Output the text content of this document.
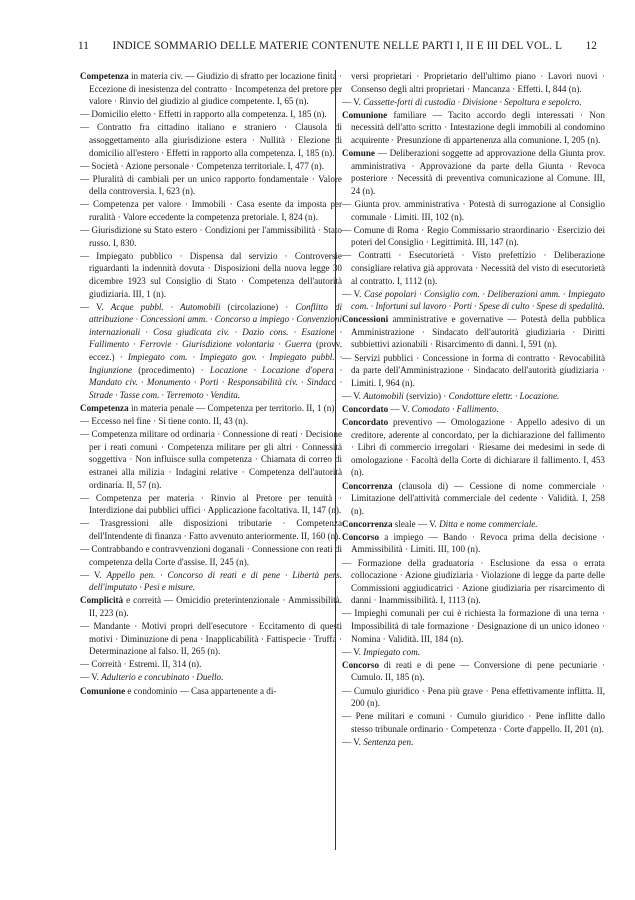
11	INDICE SOMMARIO DELLE MATERIE CONTENUTE NELLE PARTI I, II E III DEL VOL. L	12

Competenza in materia civ. — Giudizio di sfratto per locazione finita · Eccezione di inesistenza del contratto · Incompetenza del pretore per valore · Rinvio del giudizio al giudice competente. I, 65 (n).

— Domicilio eletto · Effetti in rapporto alla competenza. I, 185 (n).

— Contratto fra cittadino italiano e straniero · Clausola di assoggettamento alla giurisdizione estera · Nullità · Elezione di domicilio all'estero · Effetti in rapporto alla competenza. I, 185 (n).

— Società · Azione personale · Competenza territoriale. I, 477 (n).

— Pluralità di cambiali per un unico rapporto fondamentale · Valore della controversia. I, 623 (n).

— Competenza per valore · Immobili · Casa esente da imposta per ruralità · Valore eccedente la competenza pretoriale. I, 824 (n).

— Giurisdizione su Stato estero · Condizioni per l'ammissibilità · Stato russo. I, 830.

— Impiegato pubblico · Dispensa dal servizio · Controversie riguardanti la indennità dovuta · Disposizioni della nuova legge 30 dicembre 1923 sul Consiglio di Stato · Competenza dell'autorità giudiziaria. III, 1 (n).

— V. Acque pubbl. · Automobili (circolazione) · Conflitto di attribuzione · Concessioni amm. · Concorso a impiego · Convenzioni internazionali · Cosa giudicata civ. · Dazio cons. · Esazione · Fallimento · Ferrovie · Giurisdizione volontaria · Guerra (provv. eccez.) · Impiegato com. · Impiegato gov. · Impiegato pubbl. · Ingiunzione (procedimento) · Locazione · Locazione d'opera · Mandato civ. · Monumento · Porti · Responsabilità civ. · Sindaco · Strade · Tasse com. · Terremoto · Vendita.

Competenza in materia penale — Competenza per territorio. II, 1 (n).

— Eccesso nel fine · Si tiene conto. II, 43 (n).

— Competenza militare od ordinaria · Connessione di reati · Decisione per i reati comuni · Competenza militare per gli altri · Connessità soggettiva · Non influisce sulla competenza · Chiamata di correo di estranei alla milizia · Indagini relative · Competenza dell'autorità ordinaria. II, 57 (n).

— Competenza per materia · Rinvio al Pretore per tenuità · Interdizione dai pubblici uffici · Applicazione facoltativa. II, 147 (n).

— Trasgressioni alle disposizioni tributarie · Competenza dell'Intendente di finanza · Fatto avvenuto anteriormente. II, 160 (n).

— Contrabbando e contravvenzioni doganali · Connessione con reati di competenza della Corte d'assise. II, 245 (n).

— V. Appello pen. · Concorso di reati e di pene · Libertà pers. dell'imputato · Pesi e misure.

Complicità e correità — Omicidio preterintenzionale · Ammissibilità. II, 223 (n).

— Mandante · Motivi propri dell'esecutore · Eccitamento di questi motivi · Diminuzione di pena · Inapplicabilità · Fattispecie · Truffa · Determinazione al falso. II, 265 (n).

— Correità · Estremi. II, 314 (n).

— V. Adulterio e concubinato · Duello.

Comunione e condominio — Casa appartenente a di-

versi proprietari · Proprietario dell'ultimo piano · Lavori nuovi · Consenso degli altri proprietari · Mancanza · Effetti. I, 844 (n).

— V. Cassette-forti di custodia · Divisione · Sepoltura e sepolcro.

Comunione familiare — Tacito accordo degli interessati · Non necessità dell'atto scritto · Intestazione degli immobili al condomino acquirente · Presunzione di appartenenza alla comunione. I, 205 (n).

Comune — Deliberazioni soggette ad approvazione della Giunta prov. amministrativa · Approvazione da parte della Giunta · Revoca posteriore · Necessità di preventiva comunicazione al Comune. III, 24 (n).

— Giunta prov. amministrativa · Potestà di surrogazione al Consiglio comunale · Limiti. III, 102 (n).

— Comune di Roma · Regio Commissario straordinario · Esercizio dei poteri del Consiglio · Legittimità. III, 147 (n).

— Contratti · Esecutorietà · Visto prefettizio · Deliberazione consigliare relativa già approvata · Necessità del visto di esecutorietà al contratto. I, 1112 (n).

— V. Case popolari · Consiglio com. · Deliberazioni amm. · Impiegato com. · Infortuni sul lavoro · Porti · Spese di culto · Spese di spedalità.

Concessioni amministrative e governative — Potestà della pubblica Amministrazione · Sindacato dell'autorità giudiziaria · Diritti subbiettivi azionabili · Risarcimento di danni. I, 591 (n).

— Servizi pubblici · Concessione in forma di contratto · Revocabilità da parte dell'Amministrazione · Sindacato dell'autorità giudiziaria · Limiti. I, 964 (n).

— V. Automobili (servizio) · Condotture elettr. · Locazione.

Concordato — V. Comodato · Fallimento.

Concordato preventivo — Omologazione · Appello adesivo di un creditore, aderente al concordato, per la dichiarazione del fallimento · Libri di commercio irregolari · Riesame dei medesimi in sede di omologazione · Facoltà della Corte di dichiarare il fallimento. I, 453 (n).

Concorrenza (clausola di) — Cessione di nome commerciale · Limitazione dell'attività commerciale del cedente · Validità. I, 258 (n).

Concorrenza sleale — V. Ditta e nome commerciale.

Concorso a impiego — Bando · Revoca prima della decisione · Ammissibilità · Limiti. III, 100 (n).

— Formazione della graduatoria · Esclusione da essa o errata collocazione · Azione giudiziaria · Violazione di legge da parte delle Commissioni aggiudicatrici · Azione giudiziaria per risarcimento di danni · Inammissibilità. I, 1113 (n).

— Impieghi comunali per cui è richiesta la formazione di una terna · Impossibilità di tale formazione · Designazione di un unico idoneo · Nomina · Validità. III, 184 (n).

— V. Impiegato com.

Concorso di reati e di pene — Conversione di pene pecuniarie · Cumulo. II, 185 (n).

— Cumulo giuridico · Pena più grave · Pena effettivamente inflitta. II, 200 (n).

— Pene militari e comuni · Cumulo giuridico · Pene inflitte dallo stesso tribunale ordinario · Competenza · Corte d'appello. II, 201 (n).

— V. Sentenza pen.
